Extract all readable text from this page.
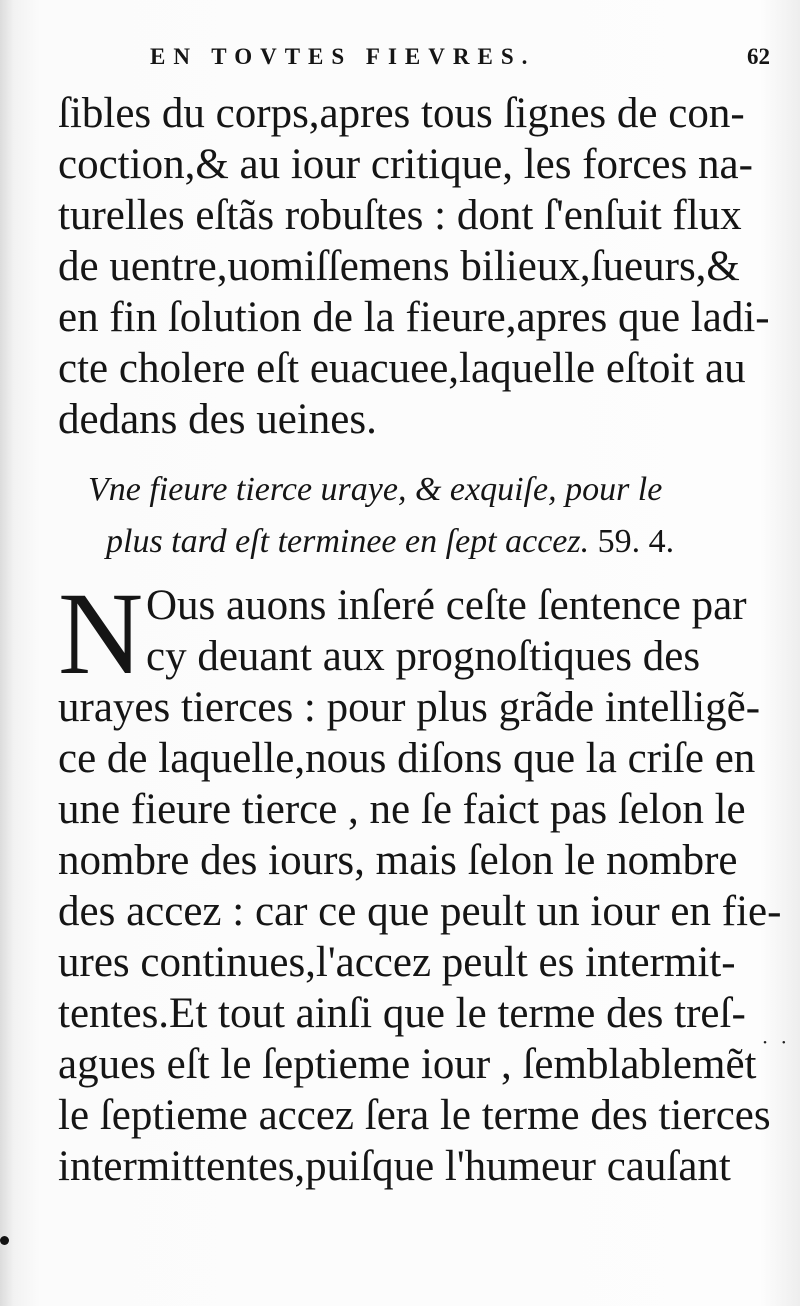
EN TOVTES FIEVRES.	62
ſibles du corps,apres tous ſignes de con-
coction,& au iour critique, les forces na-
turelles eſtãs robuſtes : dont ſ'enſuit flux
de uentre,uomiſſemens bilieux,ſueurs,&
en fin ſolution de la fieure,apres que ladi-
cte cholere eſt euacuee,laquelle eſtoit au
dedans des ueines.
Vne fieure tierce uraye, & exquiſe, pour le
plus tard eſt terminee en ſept accez. 59. 4.
N Ous auons inſeré ceſte ſentence par
cy deuant aux prognoſtiques des
urayes tierces : pour plus grãde intelligẽ-
ce de laquelle,nous diſons que la criſe en
une fieure tierce , ne ſe faict pas ſelon le
nombre des iours, mais ſelon le nombre
des accez : car ce que peult un iour en fie-
ures continues,l'accez peult es intermit-
tentes.Et tout ainſi que le terme des treſ-
agues eſt le ſeptieme iour , ſemblablemẽt
le ſeptieme accez ſera le terme des tierces
intermittentes,puiſque l'humeur cauſant
· ·
